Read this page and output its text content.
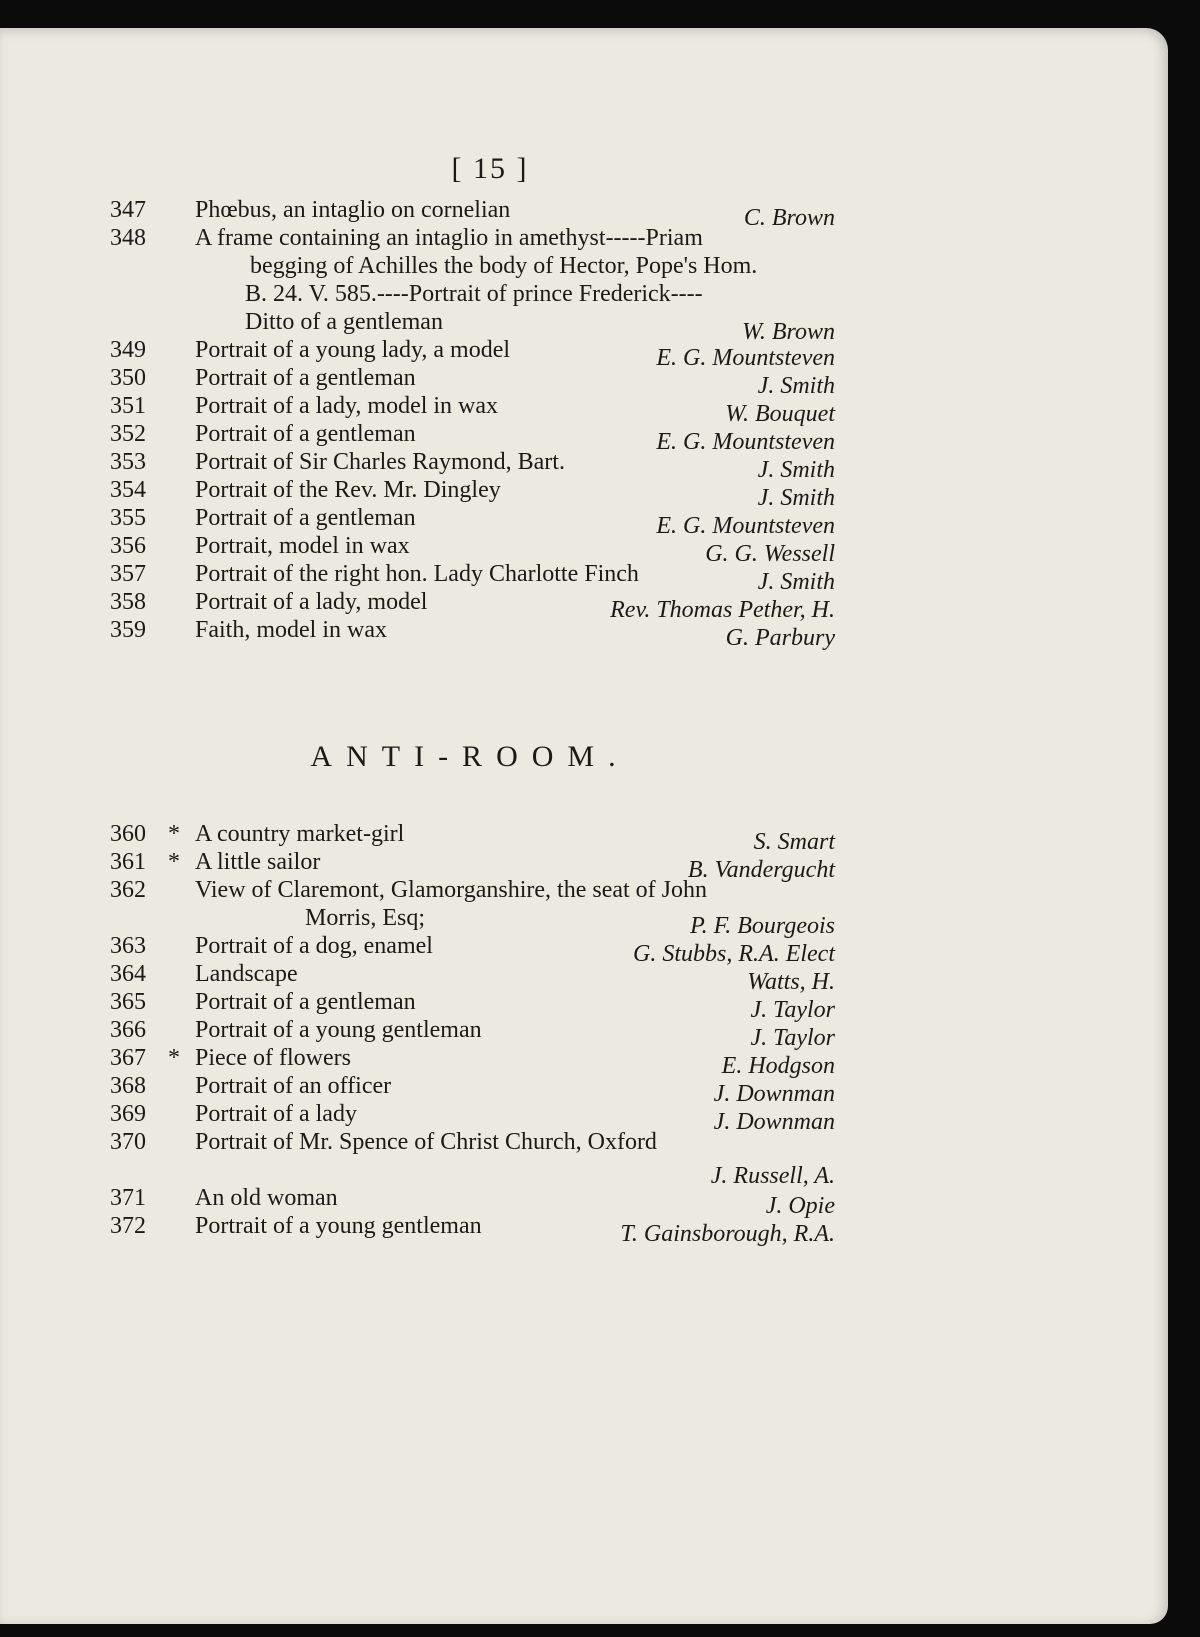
[ 15 ]
347	Phœbus, an intaglio on cornelian	C. Brown
348	A frame containing an intaglio in amethyst-----Priam
begging of Achilles the body of Hector, Pope's Hom.
B. 24. V. 585.----Portrait of prince Frederick----
Ditto of a gentleman	W. Brown
349	Portrait of a young lady, a model	E. G. Mountsteven
350	Portrait of a gentleman	J. Smith
351	Portrait of a lady, model in wax	W. Bouquet
352	Portrait of a gentleman	E. G. Mountsteven
353	Portrait of Sir Charles Raymond, Bart.	J. Smith
354	Portrait of the Rev. Mr. Dingley	J. Smith
355	Portrait of a gentleman	E. G. Mountsteven
356	Portrait, model in wax	G. G. Wessell
357	Portrait of the right hon. Lady Charlotte Finch	J. Smith
358	Portrait of a lady, model	Rev. Thomas Pether, H.
359	Faith, model in wax	G. Parbury
ANTI-ROOM.
360 * A country market-girl	S. Smart
361 * A little sailor	B. Vandergucht
362	View of Claremont, Glamorganshire, the seat of John
Morris, Esq;	P. F. Bourgeois
363	Portrait of a dog, enamel	G. Stubbs, R.A. Elect
364	Landscape	Watts, H.
365	Portrait of a gentleman	J. Taylor
366	Portrait of a young gentleman	J. Taylor
367 * Piece of flowers	E. Hodgson
368	Portrait of an officer	J. Downman
369	Portrait of a lady	J. Downman
370	Portrait of Mr. Spence of Christ Church, Oxford
J. Russell, A.
371	An old woman	J. Opie
372	Portrait of a young gentleman	T. Gainsborough, R.A.
